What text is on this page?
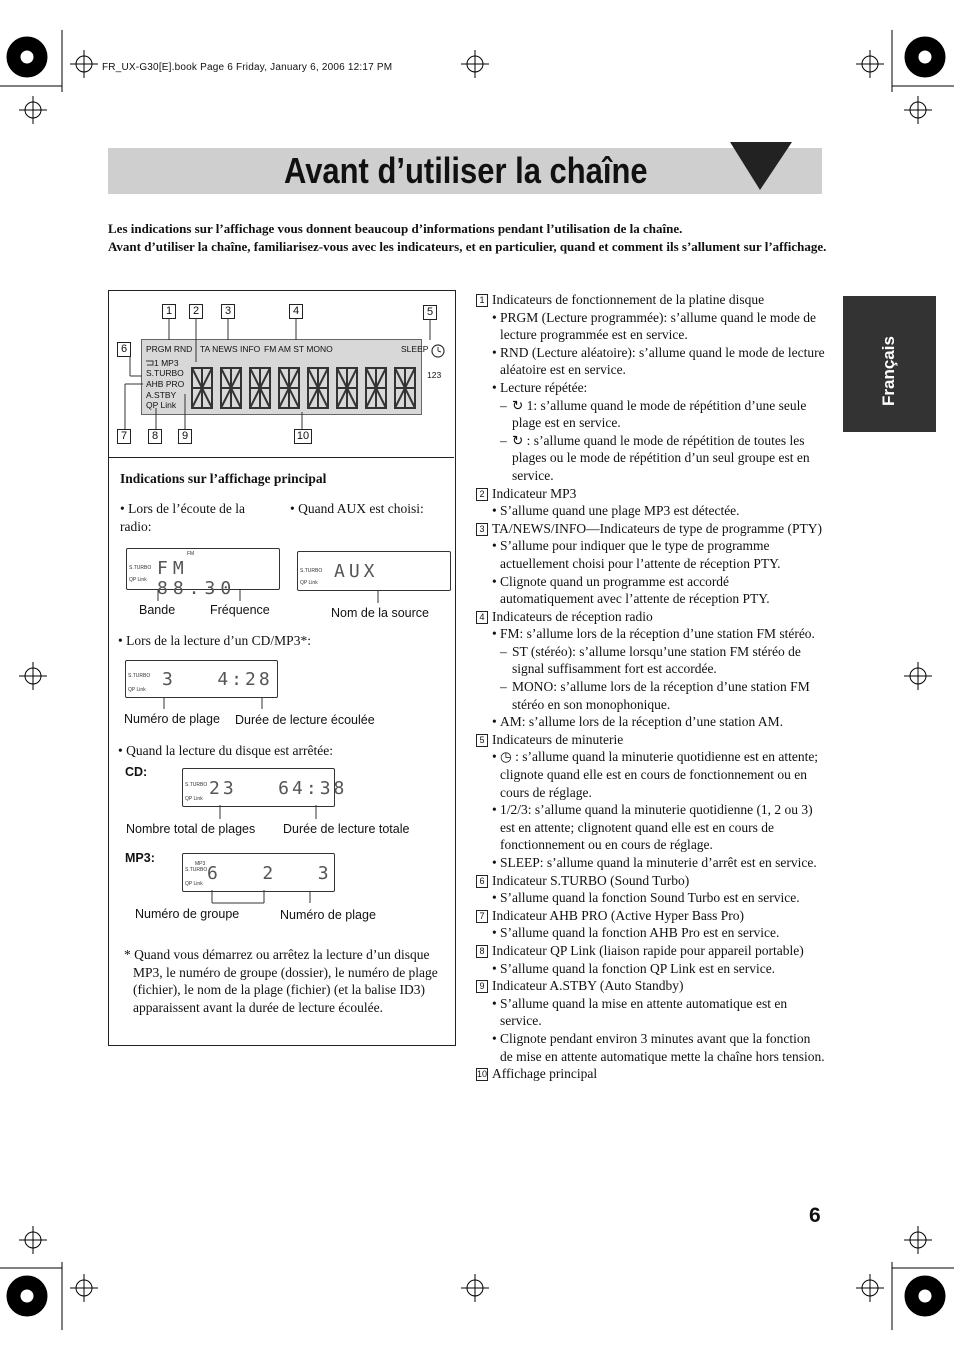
FR_UX-G30[E].book Page 6 Friday, January 6, 2006 12:17 PM
Avant d’utiliser la chaîne
Français

Les indications sur l’affichage vous donnent beaucoup d’informations pendant l’utilisation de la chaîne.

Avant d’utiliser la chaîne, familiarisez-vous avec les indicateurs, et en particulier, quand et comment ils s’allument sur l’affichage.

PRGM RND TA NEWS INFO FM AM ST MONO	SLEEP
1 MP3
S.TURBO
AHB PRO
A.STBY
QP Link
123
1	2	3	4	5
6
7	8	9	10
Indications sur l’affichage principal
• Lors de l’écoute de la radio:
• Quand AUX est choisi:
FM
S.TURBO
QP Link
FM 88.30
S.TURBO
QP Link
AUX
Bande	Fréquence	Nom de la source
• Lors de la lecture d’un CD/MP3*:
S.TURBO
QP Link 3   4:28
Numéro de plage Durée de lecture écoulée
• Quand la lecture du disque est arrêtée:
CD:
S.TURBO
QP Link 23   64:38
Nombre total de plages Durée de lecture totale
MP3:	MP3
S.TURBO
QP Link 6   2   3
Numéro de groupe	Numéro de plage
* Quand vous démarrez ou arrêtez la lecture d’un disque MP3, le numéro de groupe (dossier), le numéro de plage (fichier), le nom de la plage (fichier) (et la balise ID3) apparaissent avant la durée de lecture écoulée.
1 Indicateurs de fonctionnement de la platine disque
• PRGM (Lecture programmée): s’allume quand le mode de lecture programmée est en service.
• RND (Lecture aléatoire): s’allume quand le mode de lecture aléatoire est en service.
• Lecture répétée:
– ↻ 1: s’allume quand le mode de répétition d’une seule plage est en service.
– ↻ : s’allume quand le mode de répétition de toutes les plages ou le mode de répétition d’un seul groupe est en service.
2 Indicateur MP3
• S’allume quand une plage MP3 est détectée.
3 TA/NEWS/INFO—Indicateurs de type de programme (PTY)
• S’allume pour indiquer que le type de programme actuellement choisi pour l’attente de réception PTY.
• Clignote quand un programme est accordé automatiquement avec l’attente de réception PTY.
4 Indicateurs de réception radio
• FM: s’allume lors de la réception d’une station FM stéréo.
– ST (stéréo): s’allume lorsqu’une station FM stéréo de signal suffisamment fort est accordée.
– MONO: s’allume lors de la réception d’une station FM stéréo en son monophonique.
• AM: s’allume lors de la réception d’une station AM.
5 Indicateurs de minuterie
• ◷ : s’allume quand la minuterie quotidienne est en attente; clignote quand elle est en cours de fonctionnement ou en cours de réglage.
• 1/2/3: s’allume quand la minuterie quotidienne (1, 2 ou 3) est en attente; clignotent quand elle est en cours de fonctionnement ou en cours de réglage.
• SLEEP: s’allume quand la minuterie d’arrêt est en service.
6 Indicateur S.TURBO (Sound Turbo)
• S’allume quand la fonction Sound Turbo est en service.
7 Indicateur AHB PRO (Active Hyper Bass Pro)
• S’allume quand la fonction AHB Pro est en service.
8 Indicateur QP Link (liaison rapide pour appareil portable)
• S’allume quand la fonction QP Link est en service.
9 Indicateur A.STBY (Auto Standby)
• S’allume quand la mise en attente automatique est en service.
• Clignote pendant environ 3 minutes avant que la fonction de mise en attente automatique mette la chaîne hors tension.
10 Affichage principal
6
